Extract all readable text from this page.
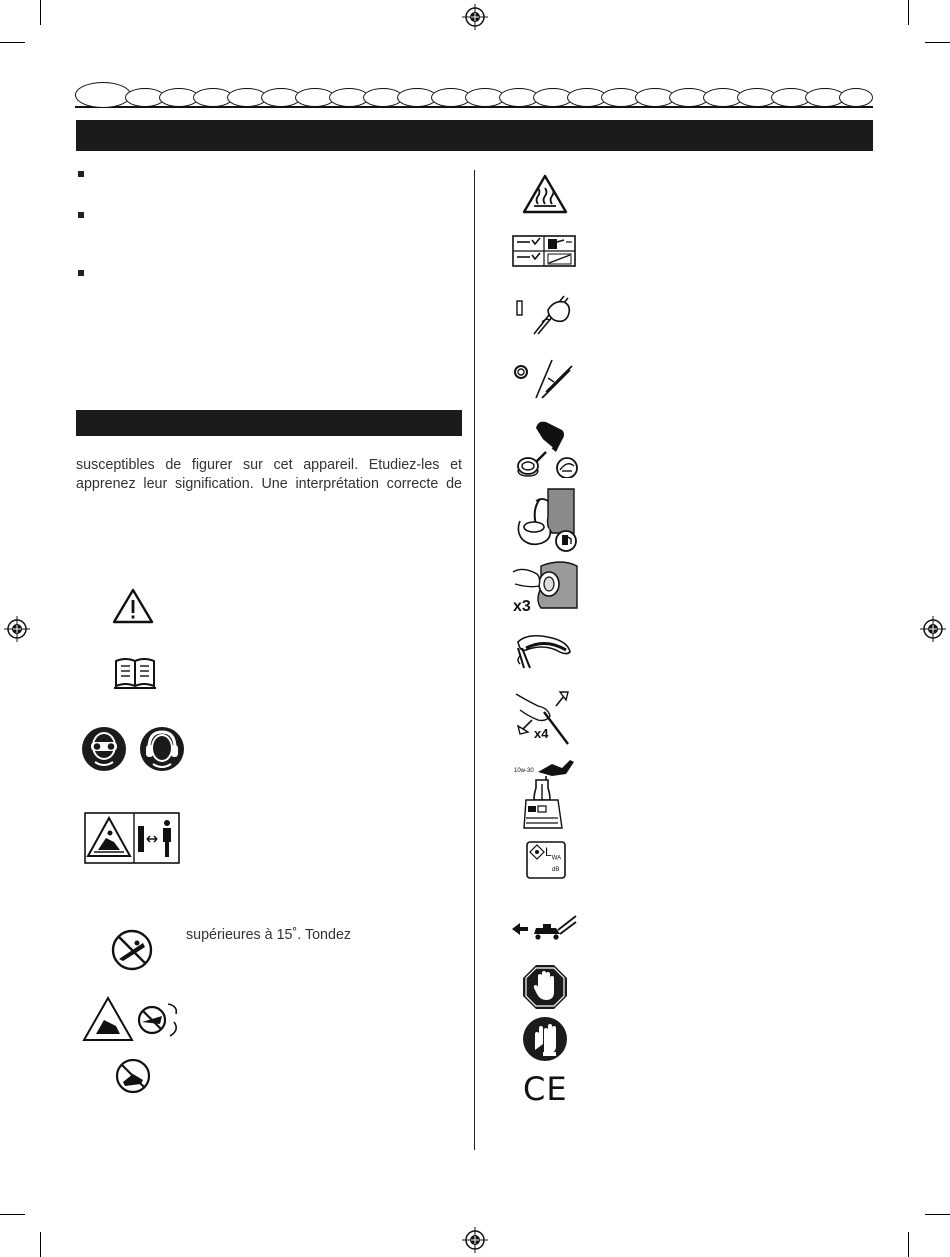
susceptibles de figurer sur cet appareil. Etudiez-les et
apprenez leur signification. Une interprétation correcte de
supérieures à 15˚. Tondez
x3
x4
10w-30
$L_{WA}$
dB
CE
